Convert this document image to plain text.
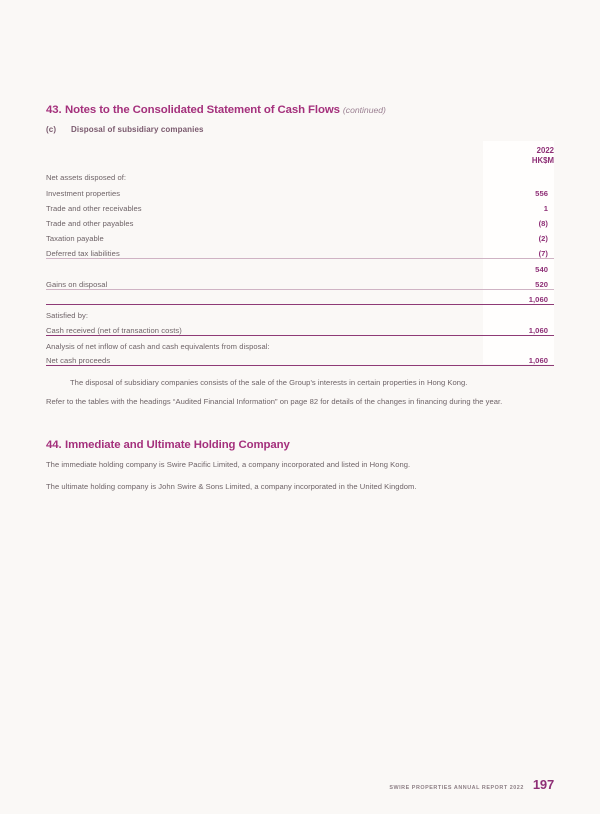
43. Notes to the Consolidated Statement of Cash Flows (continued)
(c) Disposal of subsidiary companies

	2022
HK$M

Net assets disposed of:	
Investment properties	556
Trade and other receivables	1
Trade and other payables	(8)
Taxation payable	(2)
Deferred tax liabilities	(7)
	540
Gains on disposal	520
	1,060
Satisfied by:	
Cash received (net of transaction costs)	1,060
Analysis of net inflow of cash and cash equivalents from disposal:	
Net cash proceeds	1,060
The disposal of subsidiary companies consists of the sale of the Group's interests in certain properties in Hong Kong.
Refer to the tables with the headings “Audited Financial Information” on page 82 for details of the changes in financing during the year.
44. Immediate and Ultimate Holding Company
The immediate holding company is Swire Pacific Limited, a company incorporated and listed in Hong Kong.
The ultimate holding company is John Swire & Sons Limited, a company incorporated in the United Kingdom.
SWIRE PROPERTIES ANNUAL REPORT 2022 197
